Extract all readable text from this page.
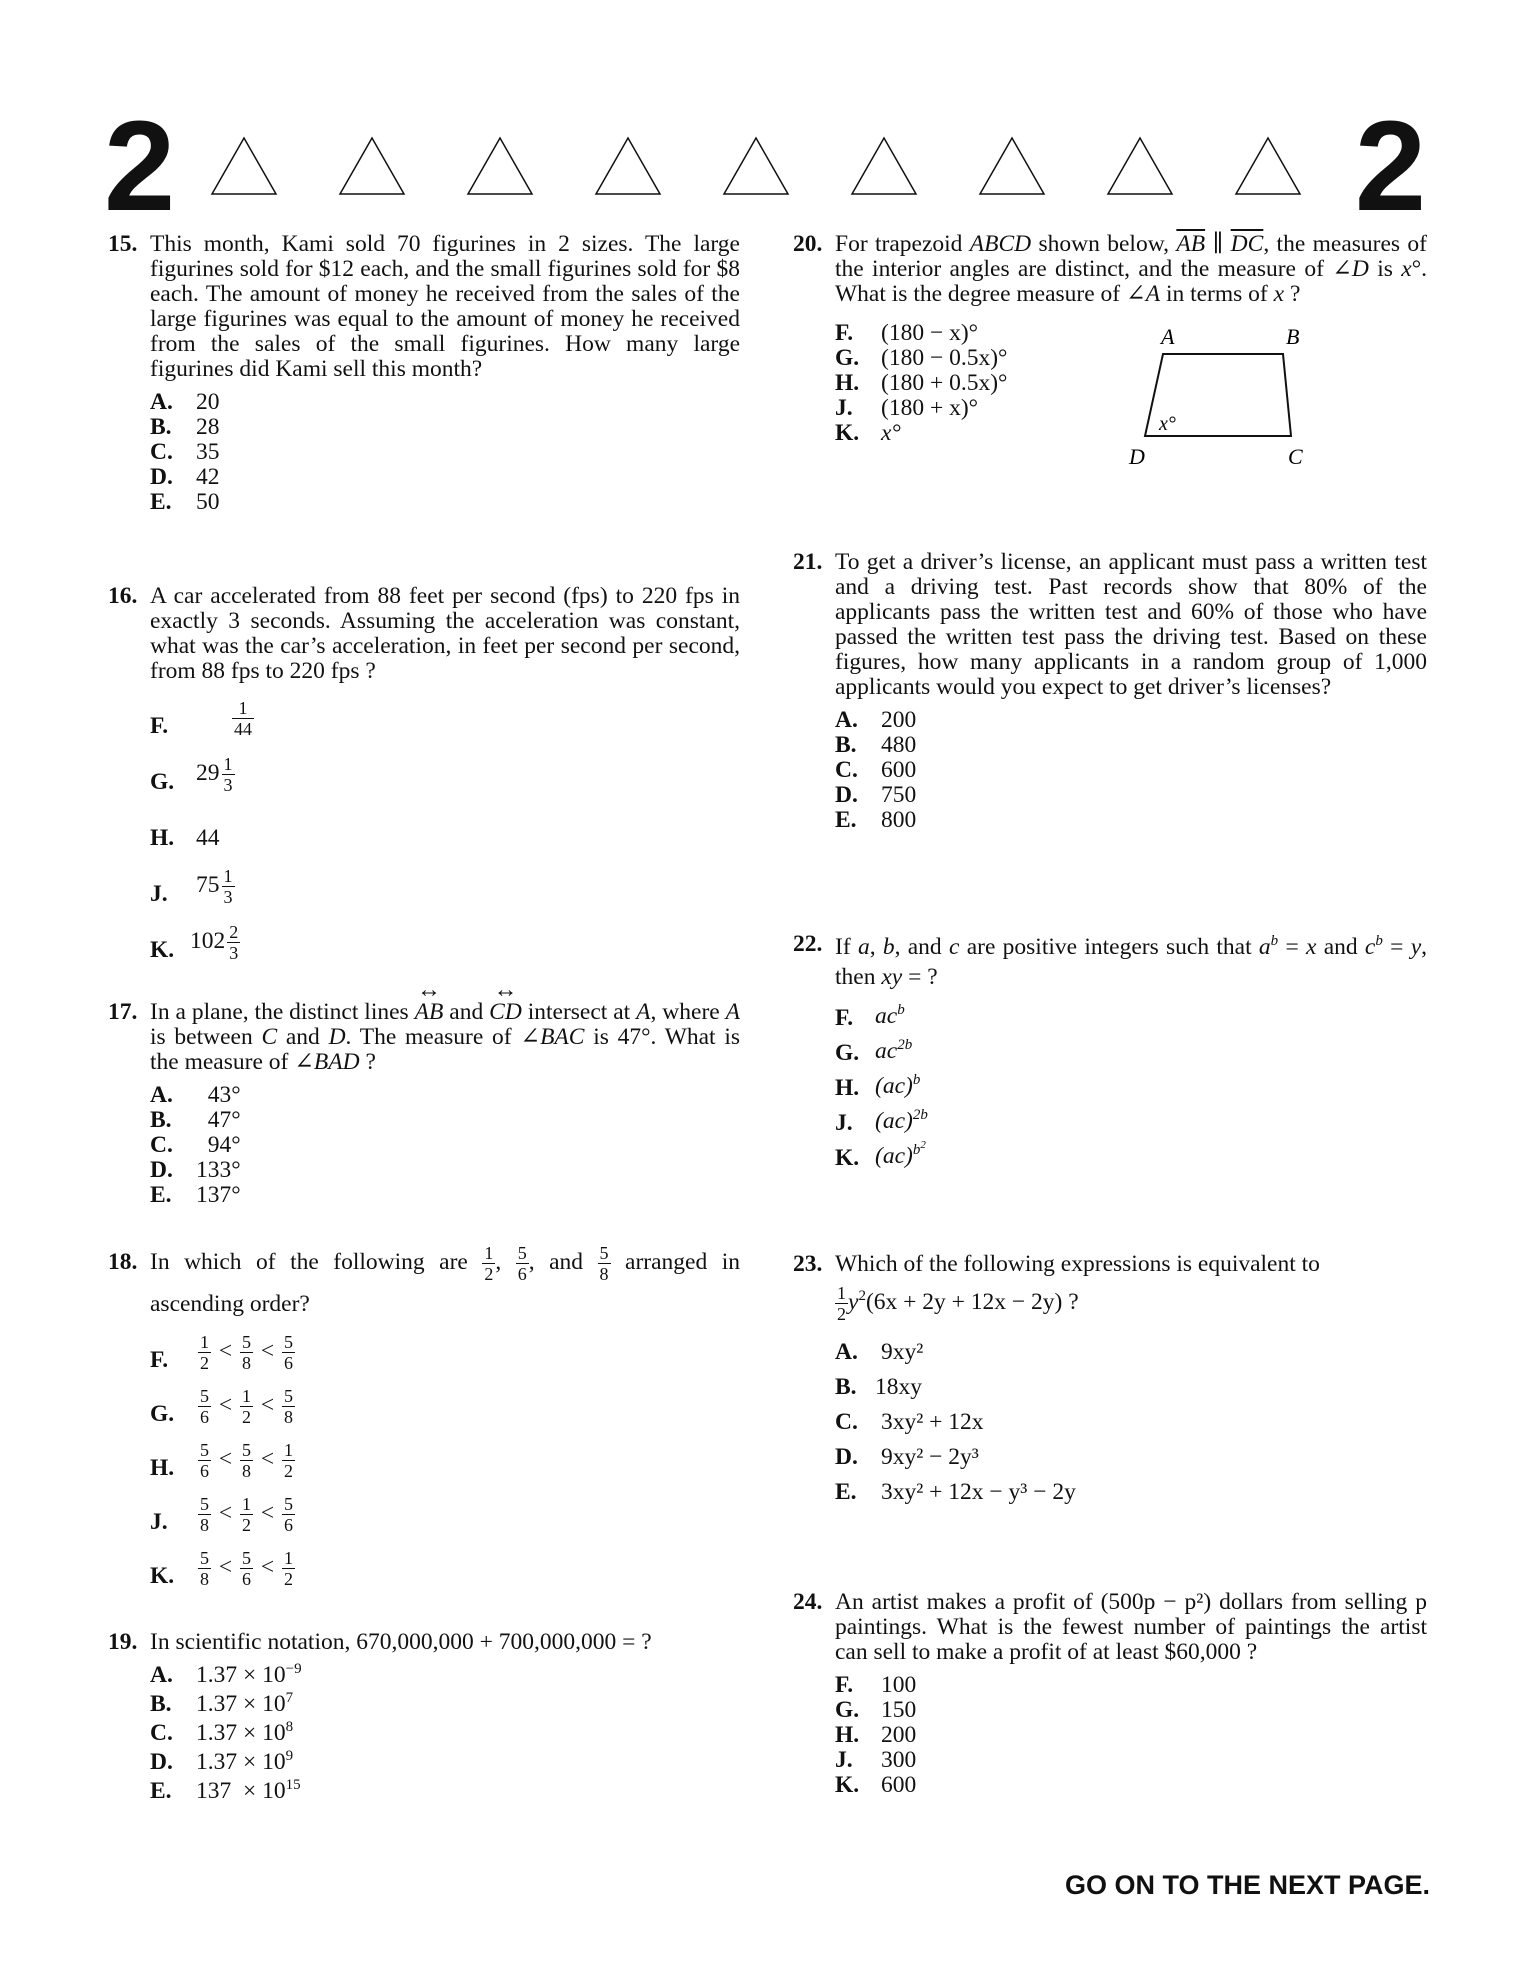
2	2
15. This month, Kami sold 70 figurines in 2 sizes. The large figurines sold for $12 each, and the small figurines sold for $8 each. The amount of money he received from the sales of the large figurines was equal to the amount of money he received from the sales of the small figurines. How many large figurines did Kami sell this month?
A. 20
B. 28
C. 35
D. 42
E. 50
16. A car accelerated from 88 feet per second (fps) to 220 fps in exactly 3 seconds. Assuming the acceleration was constant, what was the car’s acceleration, in feet per second per second, from 88 fps to 220 fps ?
F.	$\frac{1}{44}$
G. $29 \frac{1}{3}$
H. 44
J. $75 \frac{1}{3}$
K. $102 \frac{2}{3}$
17. In a plane, the distinct lines ↔ AB and ↔ CD intersect at A, where A is between C and D. The measure of ∠BAC is 47°. What is the measure of ∠BAD ?
A. 43°
B. 47°
C. 94°
D. 133°
E. 137°
18. In which of the following are $\frac{1}{2}$ , $\frac{5}{6}$ , and $\frac{5}{8}$ arranged in ascending order?
F. $\frac{1}{2} < \frac{5}{8} < \frac{5}{6}$
G. $\frac{5}{6} < \frac{1}{2} < \frac{5}{8}$
H. $\frac{5}{6} < \frac{5}{8} < \frac{1}{2}$
J. $\frac{5}{8} < \frac{1}{2} < \frac{5}{6}$
K. $\frac{5}{8} < \frac{5}{6} < \frac{1}{2}$
19. In scientific notation, 670,000,000 + 700,000,000 = ?
A. $1.37 \times 10^{-9}$
B. $1.37 \times 10^7$
C. $1.37 \times 10^8$
D. $1.37 \times 10^9$
E. $137 \times 10^{15}$
20. For trapezoid ABCD shown below, $\overline{AB}$ ∥ $\overline{DC}$, the measures of the interior angles are distinct, and the measure of ∠D is x°. What is the degree measure of ∠A in terms of x ?
F. (180 − x)°
G. (180 − 0.5x)°
H. (180 + 0.5x)°
J. (180 + x)°
K. x°
A	B
C
D
x°
21. To get a driver’s license, an applicant must pass a written test and a driving test. Past records show that 80% of the applicants pass the written test and 60% of those who have passed the written test pass the driving test. Based on these figures, how many applicants in a random group of 1,000 applicants would you expect to get driver’s licenses?
A. 200
B. 480
C. 600
D. 750
E. 800
22. If a, b, and c are positive integers such that $a^b = x$ and $c^b = y$, then xy = ?
F. $ac^b$
G. $ac^{2b}$
H. (ac)$^b$
J. (ac)$^{2b}$
K. (ac)$^{b^2}$
23. Which of the following expressions is equivalent to

$\frac{1}{2} y^2(6x + 2y + 12x - 2y)$ ?
A. 9xy²
B. 18xy
C. 3xy² + 12x
D. 9xy² − 2y³
E. 3xy² + 12x − y³ − 2y
24. An artist makes a profit of (500p − p²) dollars from selling p paintings. What is the fewest number of paintings the artist can sell to make a profit of at least $60,000 ?
F. 100
G. 150
H. 200
J. 300
K. 600
GO ON TO THE NEXT PAGE.
